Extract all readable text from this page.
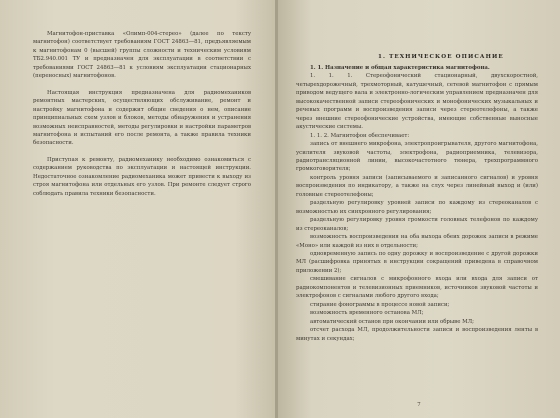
Магнитофон-приставка «Олимп-004-стерео» (далее по тексту магнитофон) соответствует требованиям ГОСТ 24863—81, предъявляемым к магнитофонам 0 (высшей) группы сложности и техническим условиям ТБ2.940.001 ТУ и предназначен для эксплуатации в соответствии с требованиями ГОСТ 24863—81 к условиям эксплуатации стационарных (переносных) магнитофонов.

Настоящая инструкция предназначена для радиомехаников ремонтных мастерских, осуществляющих обслуживание, ремонт и настройку магнитофона и содержит общие сведения о нем, описание принципиальных схем узлов и блоков, методы обнаружения и устранения возможных неисправностей, методы регулировки и настройки параметров магнитофона и испытаний его после ремонта, а также правила техники безопасности.

Приступая к ремонту, радиомеханику необходимо ознакомиться с содержанием руководства по эксплуатации и настоящей инструкции. Недостаточное ознакомление радиомеханика может привести к выходу из строя магнитофона или отдельных его узлов. При ремонте следует строго соблюдать правила техники безопасности.

1. ТЕХНИЧЕСКОЕ ОПИСАНИЕ

1. 1. Назначение и общая характеристика магнитофона.

1. 1. 1. Стереофонический стационарный, двухскоростной, четырехдорожечный, трехмоторный, катушечный, сетевой магнитофон с прямым приводом ведущего вала и электронно-логическим управлением предназначен для высококачественной записи стереофонических и монофонических музыкальных и речевых программ и воспроизведения записи через стереотелефоны, а также через внешние стереофонические устройства, имеющие собственные выносные акустические системы.

1. 1. 2. Магнитофон обеспечивает:

запись от внешнего микрофона, электропроигрывателя, другого магнитофона, усилителя звуковой частоты, электрофона, радиоприемника, телевизора, радиотрансляционной линии, высокочастотного тюнера, трехпрограммного громкоговорителя;

контроль уровня записи (записываемого и записанного сигналов) и уровня воспроизведения по индикатору, а также на слух через линейный выход и (или) головные стереотелефоны;

раздельную регулировку уровней записи по каждому из стереоканалов с возможностью их синхронного регулирования;

раздельную регулировку уровня громкости головных телефонов по каждому из стереоканалов;

возможность воспроизведения на оба выхода обеих дорожек записи в режиме «Моно» или каждой из них в отдельности;

одновременную запись по одну дорожку и воспроизведение с другой дорожки МЛ (расшифровка принятых в инструкции сокращений приведена в справочном приложении 2);

смешивание сигналов с микрофонного входа или входа для записи от радиокомпонентов и телевизионных приемников, источников звуковой частоты и электрофонов с сигналами любого другого входа;

стирание фонограммы в процессе новой записи;

возможность временного останова МЛ;

автоматический останов при окончании или обрыве МЛ;

отсчет расхода МЛ, продолжительности записи и воспроизведения ленты в минутах и секундах;

7
